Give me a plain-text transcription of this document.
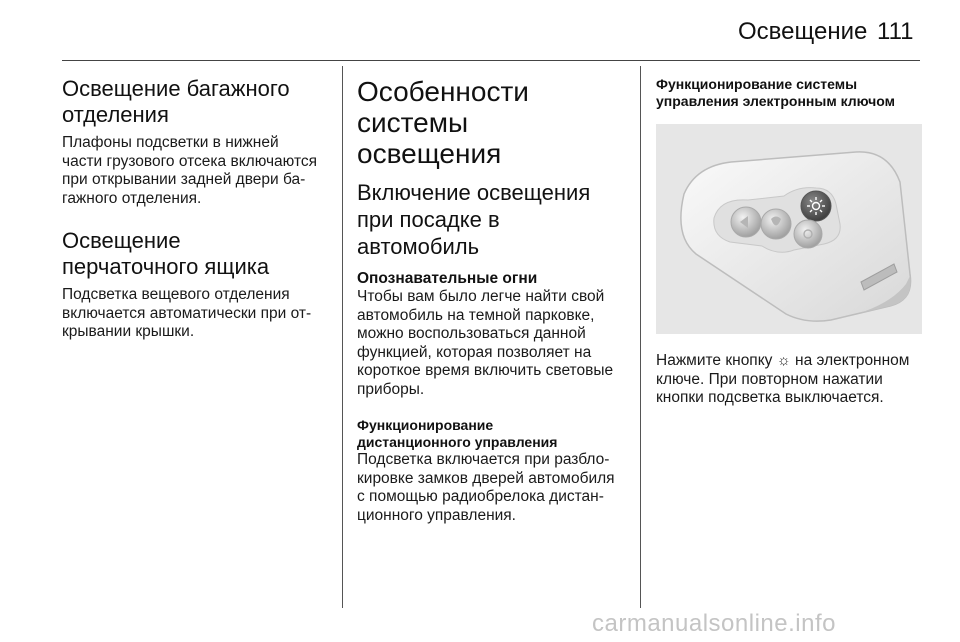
Освещение 111
Освещение багажного
отделения
Плафоны подсветки в нижней
части грузового отсека включаются
при открывании задней двери ба-
гажного отделения.
Освещение
перчаточного ящика
Подсветка вещевого отделения
включается автоматически при от-
крывании крышки.
Особенности системы
освещения
Включение освещения
при посадке в
автомобиль
Опознавательные огни
Чтобы вам было легче найти свой
автомобиль на темной парковке,
можно воспользоваться данной
функцией, которая позволяет на
короткое время включить световые
приборы.
Функционирование
дистанционного управления
Подсветка включается при разбло-
кировке замков дверей автомобиля
с помощью радиобрелока дистан-
ционного управления.
Функционирование системы
управления электронным ключом
Нажмите кнопку ☼ на электронном
ключе. При повторном нажатии
кнопки подсветка выключается.
carmanualsonline.info
